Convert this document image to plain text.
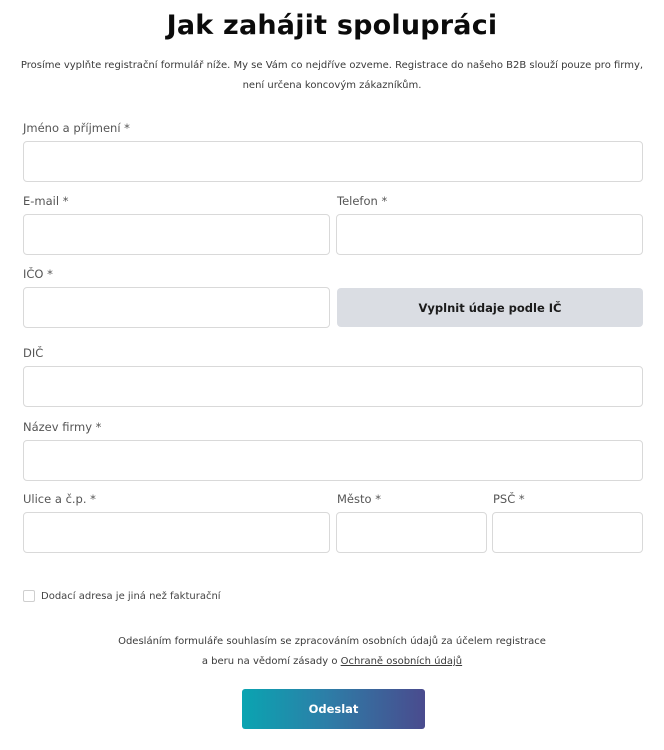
Jak zahájit spolupráci
Prosíme vyplňte registrační formulář níže. My se Vám co nejdříve ozveme. Registrace do našeho B2B slouží pouze pro firmy,
není určena koncovým zákazníkům.
Jméno a příjmení *
E-mail *	Telefon *
IČO *
Vyplnit údaje podle IČ
DIČ
Název firmy *
Ulice a č.p. *	Město *	PSČ *
Dodací adresa je jiná než fakturační
Odesláním formuláře souhlasím se zpracováním osobních údajů za účelem registrace
a beru na vědomí zásady o Ochraně osobních údajů
Odeslat
